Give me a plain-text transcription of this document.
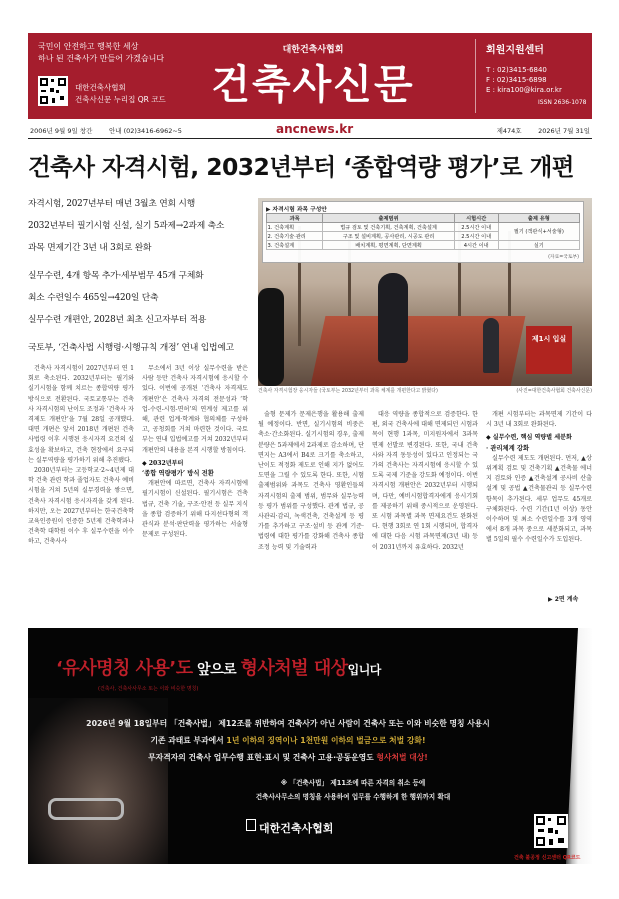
국민이 안전하고 행복한 세상
하나 된 건축사가 만들어 가겠습니다
대한건축사협회
건축사신문 누리집 QR 코드
대한건축사협회
건축사신문
회원지원센터
T : 02)3415-6840
F : 02)3415-6898
E : kira100@kira.or.kr
ISSN 2636-1078
2006년 9월 9일 창간	안내 (02)3416-6962~5	ancnews.kr	제474호	2026년 7월 31일
건축사 자격시험, 2032년부터 ‘종합역량 평가’로 개편
자격시험, 2027년부터 매년 3월초 연회 시행
2032년부터 필기시험 신설, 실기 5과제→2과제 축소
과목 면제기간 3년 내 3회로 완화
실무수련, 4개 항목 추가·세부범무 45개 구체화
최소 수련일수 465일→420일 단축
실무수련 개편안, 2028년 최초 신고자부터 적용
국토부, ‘건축사법 시행령·시행규칙 개정’ 연내 입법예고
제1시 입실
▶ 자격시험 과목 구성안
과목	출제범위	시험시간	출제 유형
1. 건축계획	법규 검토 및 건축기획, 건축계획, 건축설계	2.5시간 이내	필기 (객관식+서술형)
2. 건축기술·관리	구조 및 설비계획, 공사관리, 시공도 관리	2.5시간 이내	
3. 건축설계	배치계획, 평면계획, 단면계획	4시간 이내	실기
(자료=국토부)
건축사 자격시험장 응시자들 (국토부는 2032년부터 과목 체계를 개편한다고 밝혔다)	(사진=대한건축사협회 건축사신문)

건축사 자격시험이 2027년부터 연 1회로 축소된다. 2032년부터는 필기와 실기시험을 함께 치르는 종합역량 평가 방식으로 전환된다. 국토교통부는 건축사 자격시험의 난이도 조정과 ‘건축사 자격제도 개편안’을 7월 28일 공개했다. 대면 개편은 앞서 2018년 개편된 건축사법령 이후 시행된 응시자격 요건의 실효성을 확보하고, 건축 현장에서 요구되는 실무역량을 평가하기 위해 추진됐다.

2030년부터는 고등학교·2~4년제 대학 건축 관련 학과 졸업자도 건축사 예비시험을 거쳐 5년의 실무경력을 쌓으면, 건축사 자격시험 응시자격을 갖게 된다. 하지만, 오는 2027년부터는 한국건축학교육인증원이 인증한 5년제 건축학과나 건축학 대학원 이수 후 실무수련을 이수하고, 건축사사

무소에서 3년 이상 실무수련을 받은 사람 등만 건축사 자격시험에 응시할 수 있다. 이번에 공개된 ‘건축사 자격제도 개편안’은 건축사 자격의 전문성과 ‘학업-수련-시험-면허’의 연계성 제고를 위해, 관련 업계·학계와 협의체를 구성하고, 공청회를 거쳐 마련한 것이다. 국토부는 연내 입법예고를 거쳐 2032년부터 개편안의 내용을 본격 시행할 방침이다.

◆ 2032년부터
‘종합 역량평가’ 방식 전환

개편안에 따르면, 건축사 자격시험에 필기시험이 신설된다. 필기시험은 건축 법규, 건축 기술, 구조·안전 등 실무 지식을 종합 검증하기 위해 다지선다형의 객관식과 분석·판단력을 평가하는 서술형 문제로 구성된다.

술형 문제가 문제은행을 활용해 출제될 예정이다. 반면, 실기시험의 비중은 축소·간소화된다. 실기시험의 경우, 출제분량은 5과제에서 2과제로 감소하며, 단면지는 A3에서 B4로 크기를 축소하고, 난이도 적정화 제도로 인해 지가 없어도 도면을 그릴 수 있도록 한다. 또한, 시험 출제범위와 과목도 건축사 영환인들의 자격시험의 출제 범위, 범무와 실무능력 등 평가 범위를 구성했다. 관계 법규, 공사관리·감리, 녹색건축, 건축설계 등 평가를 추가하고 구조·설비 등 관계 기준·법령에 대한 평가를 강화해 건축사 종합조정 능력 및 기술력과

대응 역량을 종합적으로 검증한다. 한편, 외국 건축사에 대해 면제되던 시험과목이 현행 1과목, 미지원자에서 3과목 면제 선발로 변경된다. 또한, 국내 건축사와 자격 동등성이 있다고 인정되는 국가의 건축사는 자격시험에 응시할 수 있도록 국제 기준을 강도화 예정이다. 이번 자격시험 개편안은 2032년부터 시행되며, 다만, 예비시험합격자에게 응시기회를 제공하기 위해 중시적으로 운영된다. 또 시험 과목별 과목 면제요건도 완화된다. 현행 3회로 연 1회 시행되며, 합격자에 대한 다음 시험 과목면제(3년 내) 등이 2031년까지 유효하다. 2032년

개편 시험부터는 과목면제 기간이 다시 3년 내 3회로 완화된다.

◆ 실무수련, 핵심 역량별 세분화
· 관리체계 강화

실무수련 제도도 개편된다. 먼저, ▲상위계획 검토 및 건축기획 ▲건축물 에너지 검토와 인증 ▲건축설계 공사비 산출 설계 및 공법 ▲건축물관리 등 실무수련 항목이 추가된다. 세부 업무도 45개로 구체화된다. 수련 기간(1년 이상) 동안 이수하며 및 최소 수련일수를 3개 영역에서 8개 과목 중으로 세분화되고, 과목별 5일의 필수 수련일수가 도입된다.

▶ 2면 계속
‘유사명칭 사용’도 앞으로 형사처벌 대상입니다
(건축사, 건축사사무소 또는 이와 비슷한 명칭)
2026년 9월 18일부터 「건축사법」 제12조를 위반하여 건축사가 아닌 사람이 건축사 또는 이와 비슷한 명칭 사용시
기존 과태료 부과에서 1년 이하의 징역이나 1천만원 이하의 벌금으로 처벌 강화!
무자격자의 건축사 업무수행 표현·표시 및 건축사 고용·공동운영도 형사처벌 대상!
※ 「건축사법」 제11조에 따른 자격의 취소 등에
건축사사무소의 명칭을 사용하여 업무를 수행하게 한 행위까지 확대
대한건축사협회
건축 불공정 신고센터 QR코드
